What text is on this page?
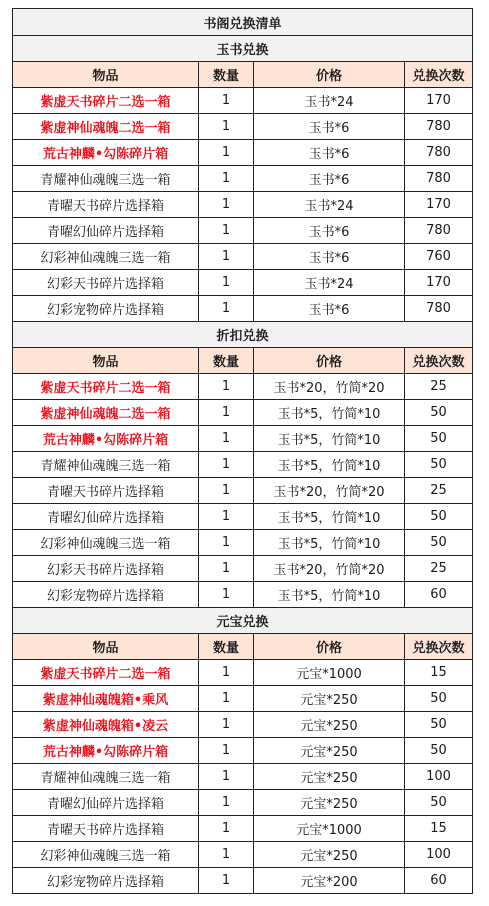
书阁兑换清单			
玉书兑换			
物品	数量	价格	兑换次数
紫虚天书碎片二选一箱	1	玉书*24	170
紫虚神仙魂魄二选一箱	1	玉书*6	780
荒古神麟•勾陈碎片箱	1	玉书*6	780
青耀神仙魂魄三选一箱	1	玉书*6	780
青曜天书碎片选择箱	1	玉书*24	170
青曜幻仙碎片选择箱	1	玉书*6	780
幻彩神仙魂魄三选一箱	1	玉书*6	760
幻彩天书碎片选择箱	1	玉书*24	170
幻彩宠物碎片选择箱	1	玉书*6	780
折扣兑换			
物品	数量	价格	兑换次数
紫虚天书碎片二选一箱	1	玉书*20，竹简*20	25
紫虚神仙魂魄二选一箱	1	玉书*5，竹简*10	50
荒古神麟•勾陈碎片箱	1	玉书*5，竹简*10	50
青耀神仙魂魄三选一箱	1	玉书*5，竹简*10	50
青曜天书碎片选择箱	1	玉书*20，竹简*20	25
青曜幻仙碎片选择箱	1	玉书*5，竹简*10	50
幻彩神仙魂魄三选一箱	1	玉书*5，竹简*10	50
幻彩天书碎片选择箱	1	玉书*20，竹简*20	25
幻彩宠物碎片选择箱	1	玉书*5，竹简*10	60
元宝兑换			
物品	数量	价格	兑换次数
紫虚天书碎片二选一箱	1	元宝*1000	15
紫虚神仙魂魄箱•乘风	1	元宝*250	50
紫虚神仙魂魄箱•凌云	1	元宝*250	50
荒古神麟•勾陈碎片箱	1	元宝*250	50
青耀神仙魂魄三选一箱	1	元宝*250	100
青曜幻仙碎片选择箱	1	元宝*250	50
青曜天书碎片选择箱	1	元宝*1000	15
幻彩神仙魂魄三选一箱	1	元宝*250	100
幻彩宠物碎片选择箱	1	元宝*200	60
